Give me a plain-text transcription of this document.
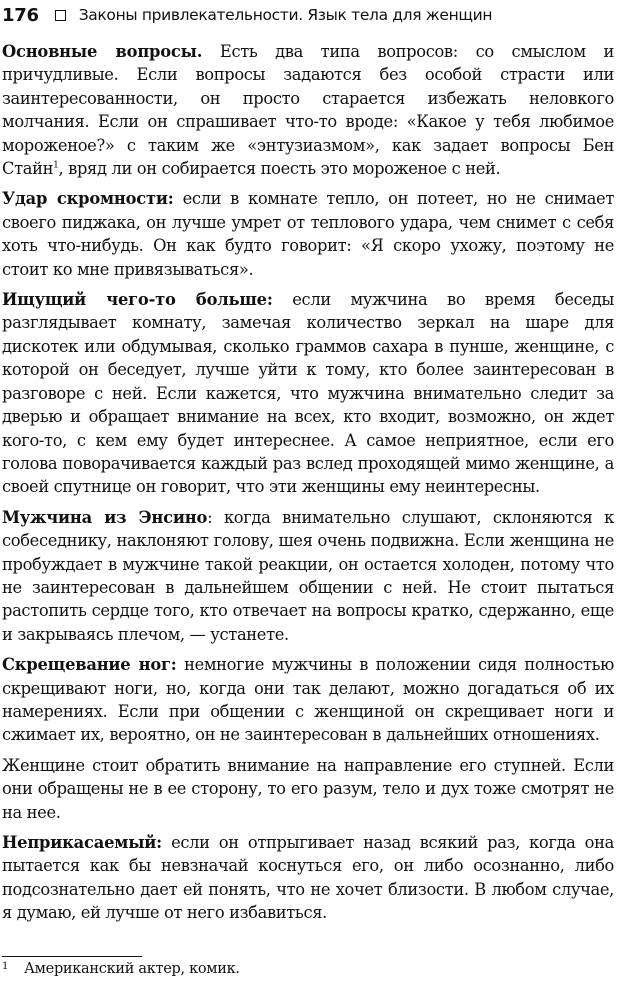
176	Законы привлекательности. Язык тела для женщин

Основные вопросы. Есть два типа вопросов: со смыслом и причудливые. Если вопросы задаются без особой страсти или заинтересованности, он просто старается избежать неловкого молчания. Если он спрашивает что-то вроде: «Какое у тебя любимое мороженое?» с таким же «энтузиазмом», как задает вопросы Бен Стайн$^1$, вряд ли он собирается поесть это мороженое с ней.

Удар скромности: если в комнате тепло, он потеет, но не снимает своего пиджака, он лучше умрет от теплового удара, чем снимет с себя хоть что-нибудь. Он как будто говорит: «Я скоро ухожу, поэтому не стоит ко мне привязываться».

Ищущий чего-то больше: если мужчина во время беседы разглядывает комнату, замечая количество зеркал на шаре для дискотек или обдумывая, сколько граммов сахара в пунше, женщине, с которой он беседует, лучше уйти к тому, кто более заинтересован в разговоре с ней. Если кажется, что мужчина внимательно следит за дверью и обращает внимание на всех, кто входит, возможно, он ждет кого-то, с кем ему будет интереснее. А самое неприятное, если его голова поворачивается каждый раз вслед проходящей мимо женщине, а своей спутнице он говорит, что эти женщины ему неинтересны.

Мужчина из Энсино: когда внимательно слушают, склоняются к собеседнику, наклоняют голову, шея очень подвижна. Если женщина не пробуждает в мужчине такой реакции, он остается холоден, потому что не заинтересован в дальнейшем общении с ней. Не стоит пытаться растопить сердце того, кто отвечает на вопросы кратко, сдержанно, еще и закрываясь плечом, — устанете.

Скрещевание ног: немногие мужчины в положении сидя полностью скрещивают ноги, но, когда они так делают, можно догадаться об их намерениях. Если при общении с женщиной он скрещивает ноги и сжимает их, вероятно, он не заинтересован в дальнейших отношениях.

Женщине стоит обратить внимание на направление его ступней. Если они обращены не в ее сторону, то его разум, тело и дух тоже смотрят не на нее.

Неприкасаемый: если он отпрыгивает назад всякий раз, когда она пытается как бы невзначай коснуться его, он либо осознанно, либо подсознательно дает ей понять, что не хочет близости. В любом случае, я думаю, ей лучше от него избавиться.

1 Американский актер, комик.
